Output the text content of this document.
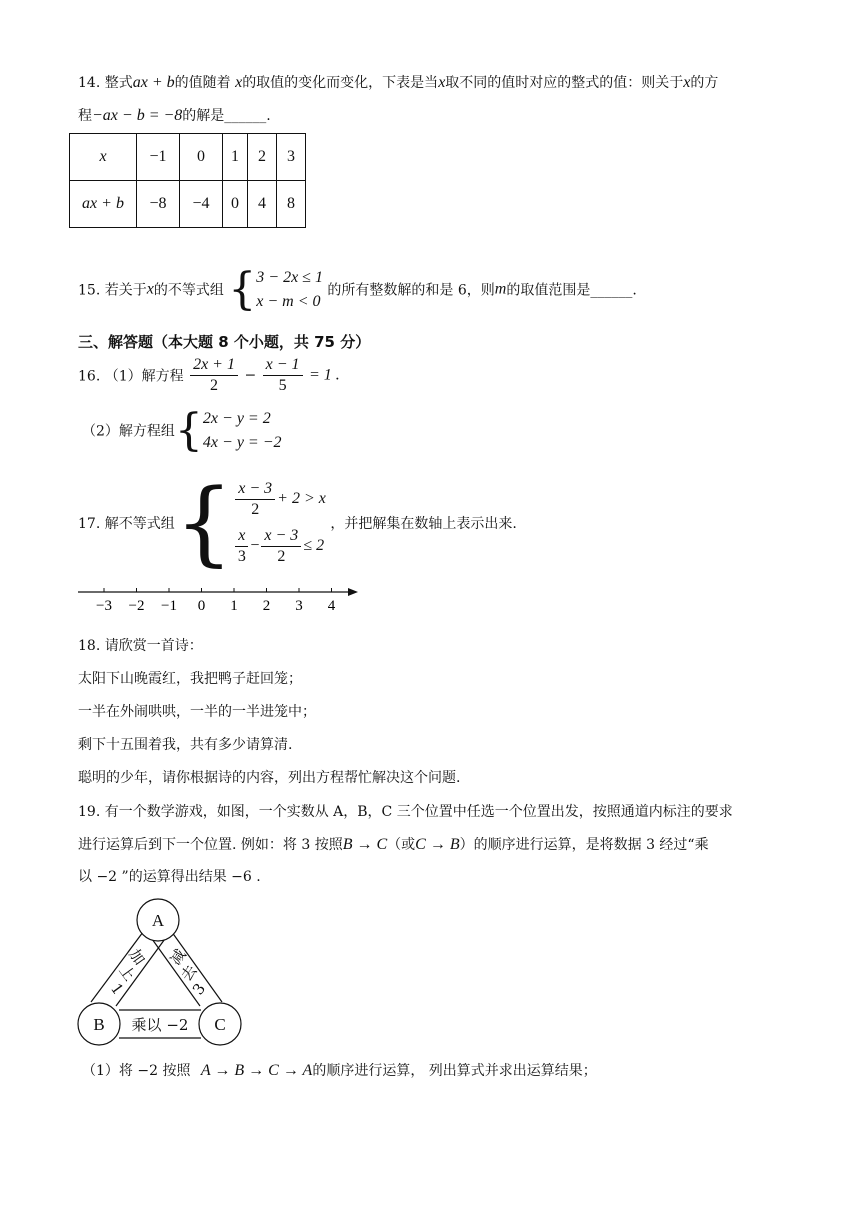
14. 整式ax + b的值随着 x的取值的变化而变化，下表是当x取不同的值时对应的整式的值：则关于x的方
程−ax − b = −8的解是______.
x	−1	0	1	2	3
ax + b	−8	−4	0	4	8
15. 若关于x的不等式组 { 3 − 2x ≤ 1
x − m < 0
的所有整数解的和是 6，则m的取值范围是______.
三、解答题（本大题 8 个小题，共 75 分）
16. （1）解方程 $\frac{2x + 1}{2} - \frac{x - 1}{5} = 1$ .
（2）解方程组{ 2x − y = 2
4x − y = −2
17. 解不等式组{ $\frac{x - 3}{2} + 2 > x$
$\frac{x}{3} - \frac{x - 3}{2} \le 2$
，并把解集在数轴上表示出来.
−3 −2 −1 0 1 2 3 4
18. 请欣赏一首诗：
太阳下山晚霞红，我把鸭子赶回笼；
一半在外闹哄哄，一半的一半进笼中；
剩下十五围着我，共有多少请算清.
聪明的少年，请你根据诗的内容，列出方程帮忙解决这个问题.
19. 有一个数学游戏，如图，一个实数从 A，B，C 三个位置中任选一个位置出发，按照通道内标注的要求
进行运算后到下一个位置. 例如：将 3 按照B → C（或C → B）的顺序进行运算，是将数据 3 经过“乘
以 −2 ”的运算得出结果 −6 .
A
B	C
加
上
1
减
去
3
乘以 −2
（1）将 −2 按照 A → B → C → A的顺序进行运算， 列出算式并求出运算结果；
